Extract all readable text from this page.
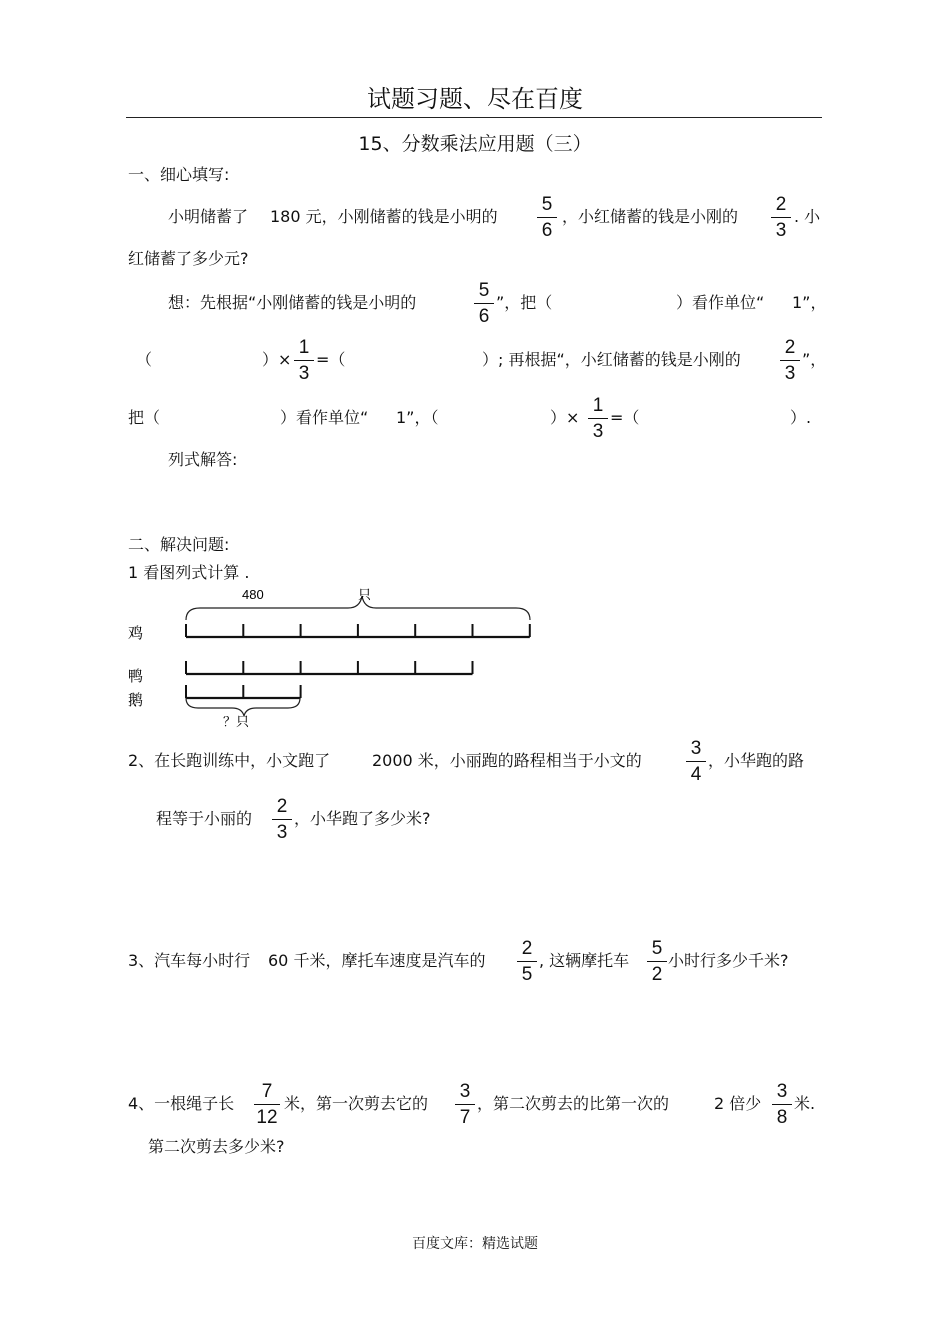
试题习题、尽在百度
15、分数乘法应用题（三）
一、细心填写:
小明储蓄了 180 元，小刚储蓄的钱是小明的
5
6
，小红储蓄的钱是小刚的
2
3
. 小
红储蓄了多少元?
想：先根据“小刚储蓄的钱是小明的
5
6
”，把（	）看作单位“ 1”，
（	）×
1
3
=（	）; 再根据“，小红储蓄的钱是小刚的
2
3
”，
把（	）看作单位“ 1”，（	）×
1
3
=（	）.
列式解答:
二、解决问题:
1 看图列式计算 .
480	只
鸡
鸭
鹅
？只
2、在长跑训练中，小文跑了	2000 米，小丽跑的路程相当于小文的
3
4
，小华跑的路
程等于小丽的
2
3
，小华跑了多少米?
3、汽车每小时行 60 千米，摩托车速度是汽车的
2
5
, 这辆摩托车
5
2
小时行多少千米?
4、一根绳子长
7
12
米，第一次剪去它的
3
7
，第二次剪去的比第一次的	2 倍少
3
8
米.
第二次剪去多少米?
百度文库：精选试题
